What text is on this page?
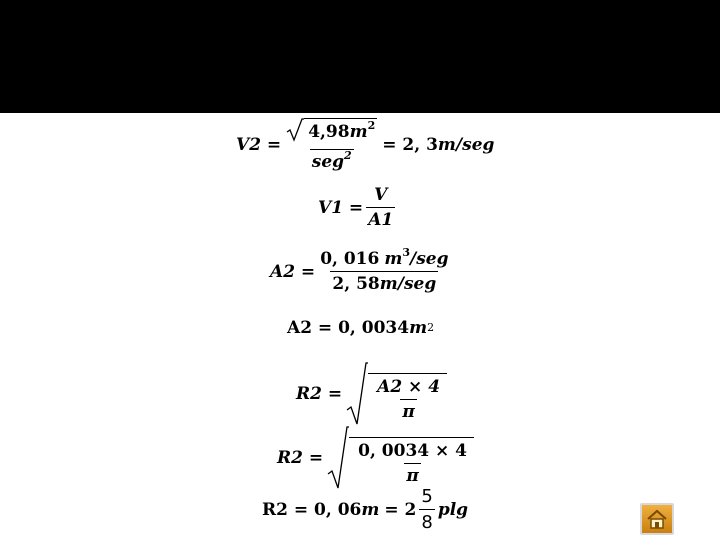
$V2 = \frac{4,98m^2}{seg^2} = 2$, 3 m/seg
$V1 = \frac{V}{A1}$
$A2 = \frac{0, 016 m^3/seg}{\text{2, 58m/seg}}$
A2 = 0, 0034 m 2
$R2 = \frac{A2 \times 4}{\pi}$
$R2 = \frac{0, 0034 \times 4}{\pi}$
R2 = 0, 06 $m = 2 \frac{5}{8}$ plg
